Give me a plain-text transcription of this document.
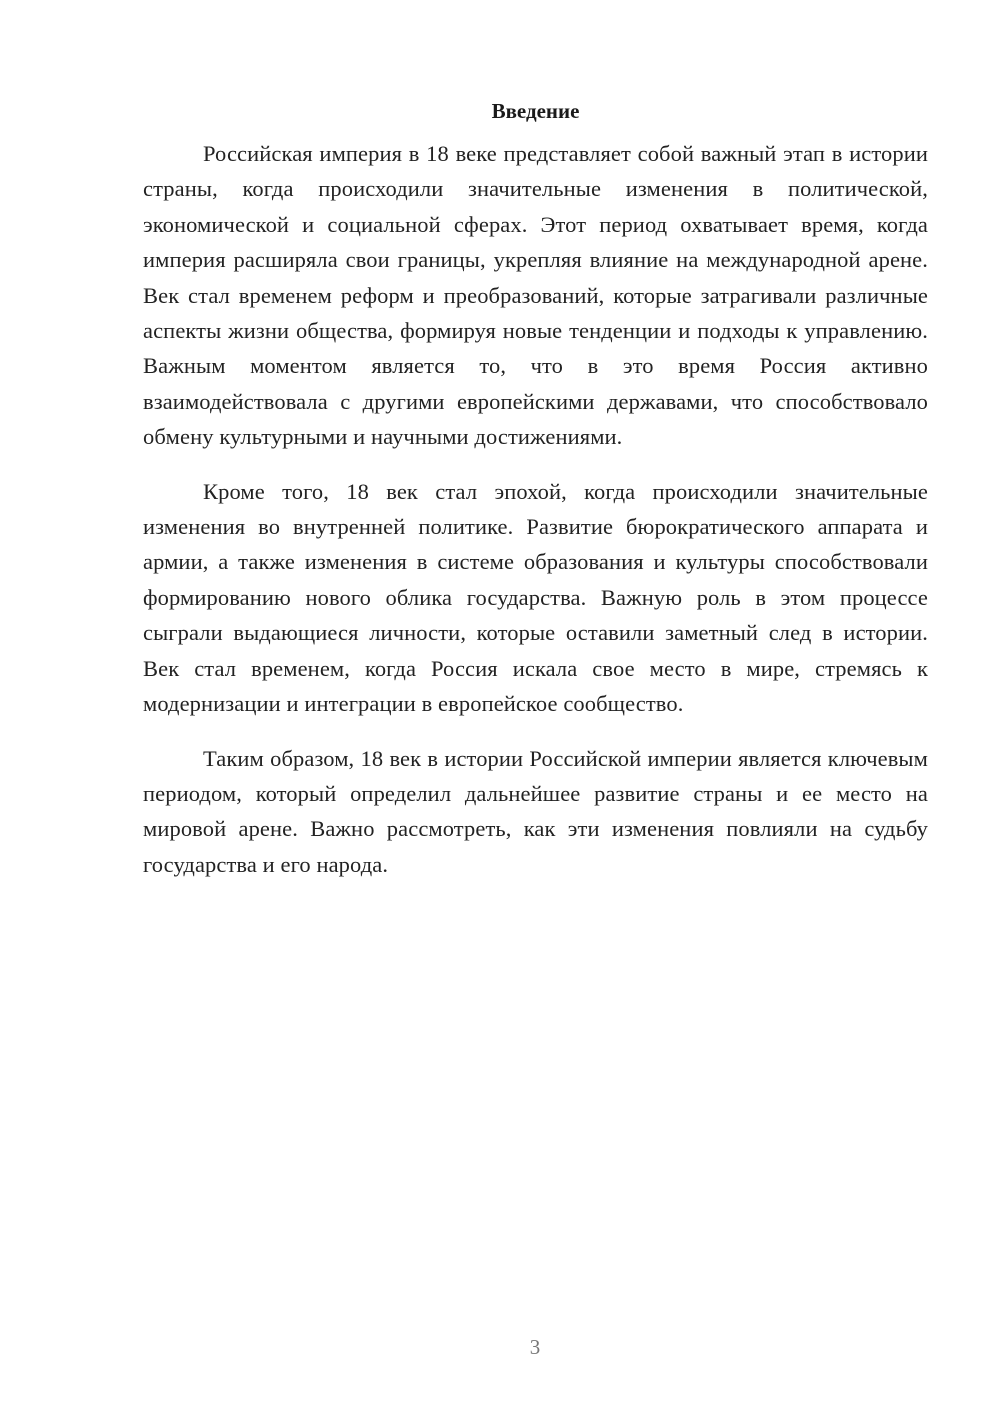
Введение

Российская империя в 18 веке представляет собой важный этап в истории страны, когда происходили значительные изменения в политической, экономической и социальной сферах. Этот период охватывает время, когда империя расширяла свои границы, укрепляя влияние на международной арене. Век стал временем реформ и преобразований, которые затрагивали различные аспекты жизни общества, формируя новые тенденции и подходы к управлению. Важным моментом является то, что в это время Россия активно взаимодействовала с другими европейскими державами, что способствовало обмену культурными и научными достижениями.

Кроме того, 18 век стал эпохой, когда происходили значительные изменения во внутренней политике. Развитие бюрократического аппарата и армии, а также изменения в системе образования и культуры способствовали формированию нового облика государства. Важную роль в этом процессе сыграли выдающиеся личности, которые оставили заметный след в истории. Век стал временем, когда Россия искала свое место в мире, стремясь к модернизации и интеграции в европейское сообщество.

Таким образом, 18 век в истории Российской империи является ключевым периодом, который определил дальнейшее развитие страны и ее место на мировой арене. Важно рассмотреть, как эти изменения повлияли на судьбу государства и его народа.

3
